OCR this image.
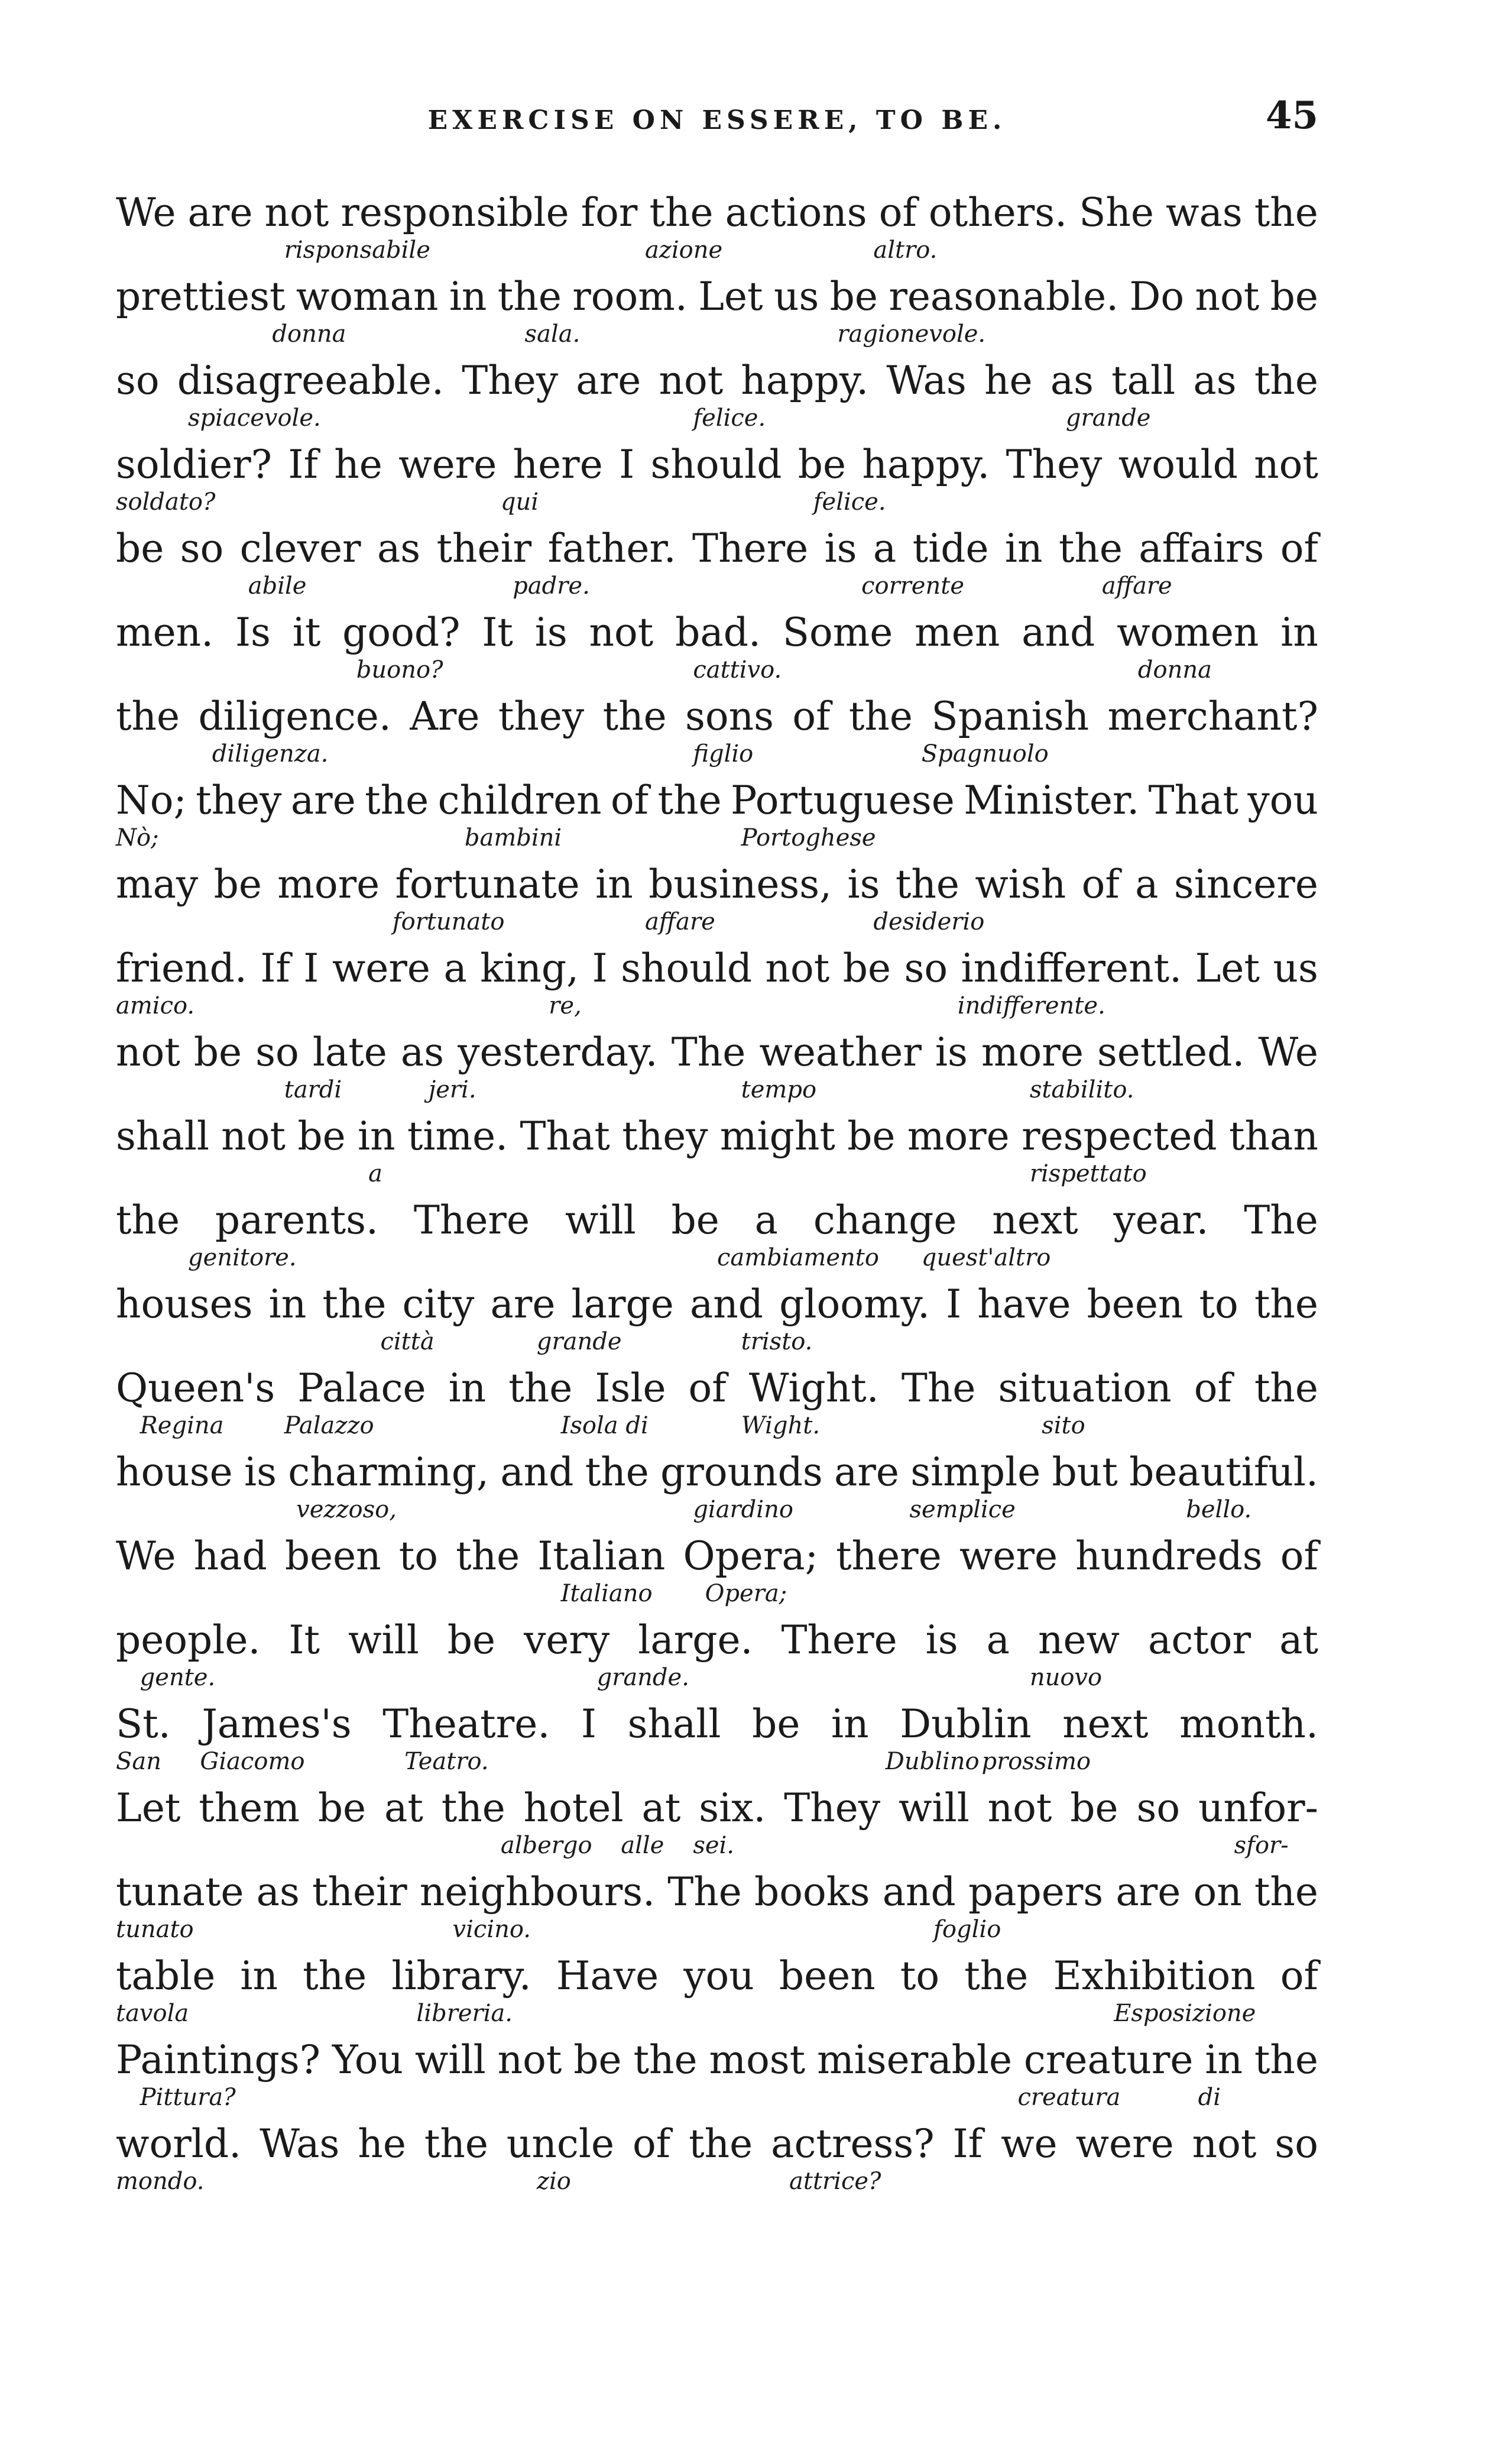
EXERCISE ON ESSERE, TO BE.	45
We are not responsible for the actions of others. She was the
risponsabile	azione	altro.
prettiest woman in the room. Let us be reasonable. Do not be
donna	sala.	ragionevole.
so disagreeable. They are not happy. Was he as tall as the
spiacevole.	felice.	grande
soldier? If he were here I should be happy. They would not
soldato?	qui	felice.
be so clever as their father. There is a tide in the affairs of
abile	padre.	corrente	affare
men. Is it good? It is not bad. Some men and women in
buono?	cattivo.	donna
the diligence. Are they the sons of the Spanish merchant?
diligenza.	figlio	Spagnuolo
No; they are the children of the Portuguese Minister. That you
Nò;	bambini	Portoghese
may be more fortunate in business, is the wish of a sincere
fortunato	affare	desiderio
friend. If I were a king, I should not be so indifferent. Let us
amico.	re,	indifferente.
not be so late as yesterday. The weather is more settled. We
tardi	jeri.	tempo	stabilito.
shall not be in time. That they might be more respected than
a	rispettato
the parents. There will be a change next year. The
genitore.	cambiamento quest'altro
houses in the city are large and gloomy. I have been to the
città	grande	tristo.
Queen's Palace in the Isle of Wight. The situation of the
Regina	Palazzo	Isola di	Wight.	sito
house is charming, and the grounds are simple but beautiful.
vezzoso,	giardino	semplice	bello.
We had been to the Italian Opera; there were hundreds of
Italiano Opera;
people. It will be very large. There is a new actor at
gente.	grande.	nuovo
St. James's Theatre. I shall be in Dublin next month.
San Giacomo	Teatro.	Dublino prossimo
Let them be at the hotel at six. They will not be so unfor-
albergo alle sei.	sfor-
tunate as their neighbours. The books and papers are on the
tunato	vicino.	foglio
table in the library. Have you been to the Exhibition of
tavola	libreria.	Esposizione
Paintings? You will not be the most miserable creature in the
Pittura?	creatura	di
world. Was he the uncle of the actress? If we were not so
mondo.	zio	attrice?
